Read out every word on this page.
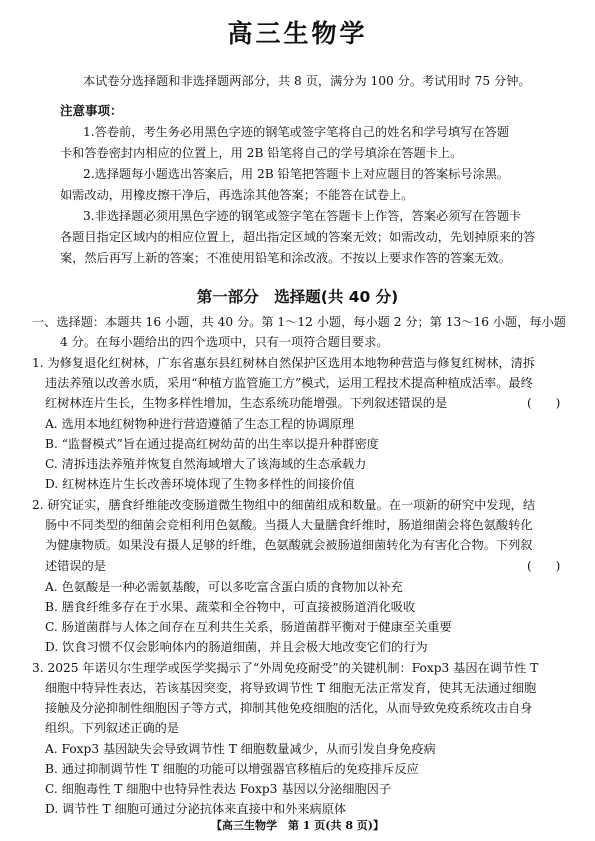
高三生物学
本试卷分选择题和非选择题两部分，共 8 页，满分为 100 分。考试用时 75 分钟。
注意事项：
1.答卷前，考生务必用黑色字迹的钢笔或签字笔将自己的姓名和学号填写在答题
卡和答卷密封内相应的位置上，用 2B 铅笔将自己的学号填涂在答题卡上。
2.选择题每小题选出答案后，用 2B 铅笔把答题卡上对应题目的答案标号涂黑。
如需改动，用橡皮擦干净后，再选涂其他答案；不能答在试卷上。
3.非选择题必须用黑色字迹的钢笔或签字笔在答题卡上作答，答案必须写在答题卡
各题目指定区域内的相应位置上，超出指定区域的答案无效；如需改动，先划掉原来的答
案，然后再写上新的答案；不准使用铅笔和涂改液。不按以上要求作答的答案无效。
第一部分　选择题(共 40 分)
一、选择题：本题共 16 小题，共 40 分。第 1～12 小题，每小题 2 分；第 13～16 小题，每小题
4 分。在每小题给出的四个选项中，只有一项符合题目要求。
1. 为修复退化红树林，广东省惠东县红树林自然保护区选用本地物种营造与修复红树林，清拆
违法养殖以改善水质，采用“种植方监管施工方”模式，运用工程技术提高种植成活率。最终
红树林连片生长，生物多样性增加，生态系统功能增强。下列叙述错误的是	(　　)
A. 选用本地红树物种进行营造遵循了生态工程的协调原理
B. “监督模式”旨在通过提高红树幼苗的出生率以提升种群密度
C. 清拆违法养殖并恢复自然海域增大了该海域的生态承载力
D. 红树林连片生长改善环境体现了生物多样性的间接价值
2. 研究证实，膳食纤维能改变肠道微生物组中的细菌组成和数量。在一项新的研究中发现，结
肠中不同类型的细菌会竞相利用色氨酸。当摄人大量膳食纤维时，肠道细菌会将色氨酸转化
为健康物质。如果没有摄人足够的纤维，色氨酸就会被肠道细菌转化为有害化合物。下列叙
述错误的是	(　　)
A. 色氨酸是一种必需氨基酸，可以多吃富含蛋白质的食物加以补充
B. 膳食纤维多存在于水果、蔬菜和全谷物中，可直接被肠道消化吸收
C. 肠道菌群与人体之间存在互利共生关系，肠道菌群平衡对于健康至关重要
D. 饮食习惯不仅会影响体内的肠道细菌，并且会极大地改变它们的行为
3. 2025 年诺贝尔生理学或医学奖揭示了“外周免疫耐受”的关键机制：Foxp3 基因在调节性 T
细胞中特异性表达，若该基因突变，将导致调节性 T 细胞无法正常发育，使其无法通过细胞
接触及分泌抑制性细胞因子等方式，抑制其他免疫细胞的活化，从而导致免疫系统攻击自身
组织。下列叙述正确的是
A. Foxp3 基因缺失会导致调节性 T 细胞数量减少，从而引发自身免疫病
B. 通过抑制调节性 T 细胞的功能可以增强器官移植后的免疫排斥反应
C. 细胞毒性 T 细胞中也特异性表达 Foxp3 基因以分泌细胞因子
D. 调节性 T 细胞可通过分泌抗体来直接中和外来病原体
【高三生物学　第 1 页(共 8 页)】
